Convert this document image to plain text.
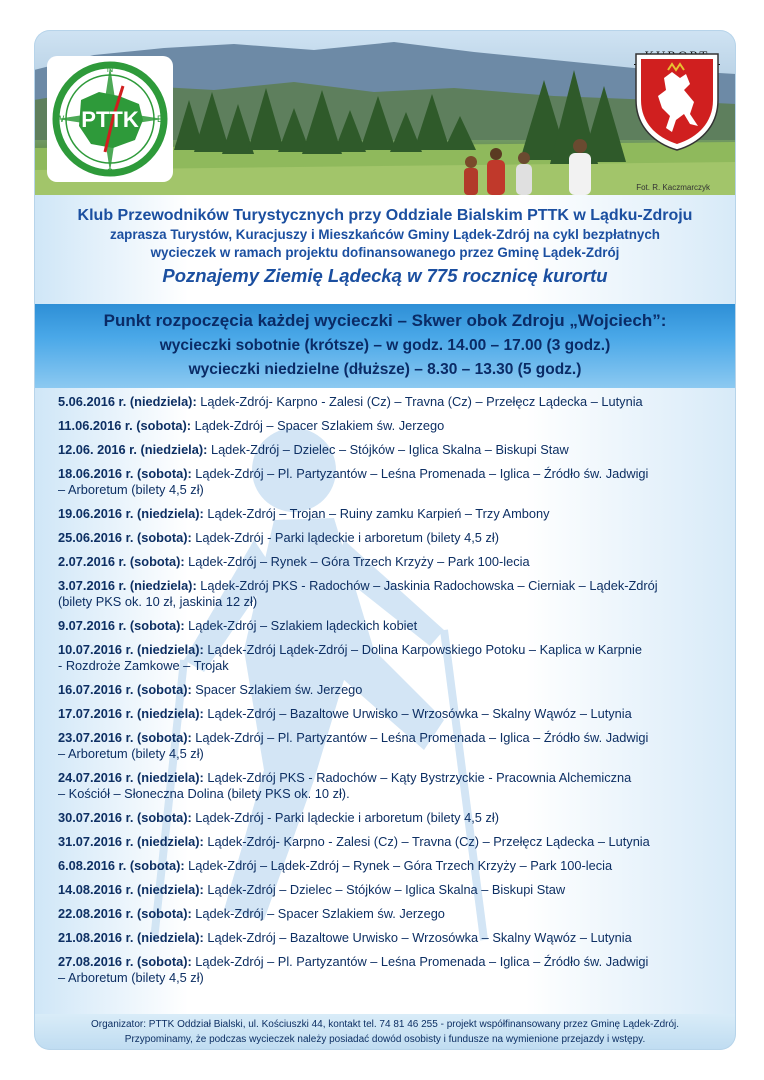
PTTK
N
E
S
W
Fot. R. Kaczmarczyk
Klub Przewodników Turystycznych przy Oddziale Bialskim PTTK w Lądku-Zdroju
zaprasza Turystów, Kuracjuszy i Mieszkańców Gminy Lądek-Zdrój na cykl bezpłatnych
wycieczek w ramach projektu dofinansowanego przez Gminę Lądek-Zdrój
Poznajemy Ziemię Lądecką w 775 rocznicę kurortu
Punkt rozpoczęcia każdej wycieczki – Skwer obok Zdroju „Wojciech”:
wycieczki sobotnie (krótsze) – w godz. 14.00 – 17.00 (3 godz.)
wycieczki niedzielne (dłuższe) – 8.30 – 13.30 (5 godz.)
5.06.2016 r. (niedziela): Lądek-Zdrój- Karpno - Zalesi (Cz) – Travna (Cz) – Przełęcz Lądecka – Lutynia
11.06.2016 r. (sobota): Lądek-Zdrój – Spacer Szlakiem św. Jerzego
12.06. 2016 r. (niedziela): Lądek-Zdrój – Dzielec – Stójków – Iglica Skalna – Biskupi Staw
18.06.2016 r. (sobota): Lądek-Zdrój – Pl. Partyzantów – Leśna Promenada – Iglica – Źródło św. Jadwigi
– Arboretum (bilety 4,5 zł)
19.06.2016 r. (niedziela): Lądek-Zdrój – Trojan – Ruiny zamku Karpień – Trzy Ambony
25.06.2016 r. (sobota): Lądek-Zdrój - Parki lądeckie i arboretum (bilety 4,5 zł)
2.07.2016 r. (sobota): Lądek-Zdrój – Rynek – Góra Trzech Krzyży – Park 100-lecia
3.07.2016 r. (niedziela): Lądek-Zdrój PKS - Radochów – Jaskinia Radochowska – Cierniak – Lądek-Zdrój
(bilety PKS ok. 10 zł, jaskinia 12 zł)
9.07.2016 r. (sobota): Lądek-Zdrój – Szlakiem lądeckich kobiet
10.07.2016 r. (niedziela): Lądek-Zdrój Lądek-Zdrój – Dolina Karpowskiego Potoku – Kaplica w Karpnie
- Rozdroże Zamkowe – Trojak
16.07.2016 r. (sobota): Spacer Szlakiem św. Jerzego
17.07.2016 r. (niedziela): Lądek-Zdrój – Bazaltowe Urwisko – Wrzosówka – Skalny Wąwóz – Lutynia
23.07.2016 r. (sobota): Lądek-Zdrój – Pl. Partyzantów – Leśna Promenada – Iglica – Źródło św. Jadwigi
– Arboretum (bilety 4,5 zł)
24.07.2016 r. (niedziela): Lądek-Zdrój PKS - Radochów – Kąty Bystrzyckie - Pracownia Alchemiczna
– Kościół – Słoneczna Dolina (bilety PKS ok. 10 zł).
30.07.2016 r. (sobota): Lądek-Zdrój - Parki lądeckie i arboretum (bilety 4,5 zł)
31.07.2016 r. (niedziela): Lądek-Zdrój- Karpno - Zalesi (Cz) – Travna (Cz) – Przełęcz Lądecka – Lutynia
6.08.2016 r. (sobota): Lądek-Zdrój – Lądek-Zdrój – Rynek – Góra Trzech Krzyży – Park 100-lecia
14.08.2016 r. (niedziela): Lądek-Zdrój – Dzielec – Stójków – Iglica Skalna – Biskupi Staw
22.08.2016 r. (sobota): Lądek-Zdrój – Spacer Szlakiem św. Jerzego
21.08.2016 r. (niedziela): Lądek-Zdrój – Bazaltowe Urwisko – Wrzosówka – Skalny Wąwóz – Lutynia
27.08.2016 r. (sobota): Lądek-Zdrój – Pl. Partyzantów – Leśna Promenada – Iglica – Źródło św. Jadwigi
– Arboretum (bilety 4,5 zł)
Organizator: PTTK Oddział Bialski, ul. Kościuszki 44, kontakt tel. 74 81 46 255 - projekt współfinansowany przez Gminę Lądek-Zdrój.
Przypominamy, że podczas wycieczek należy posiadać dowód osobisty i fundusze na wymienione przejazdy i wstępy.
